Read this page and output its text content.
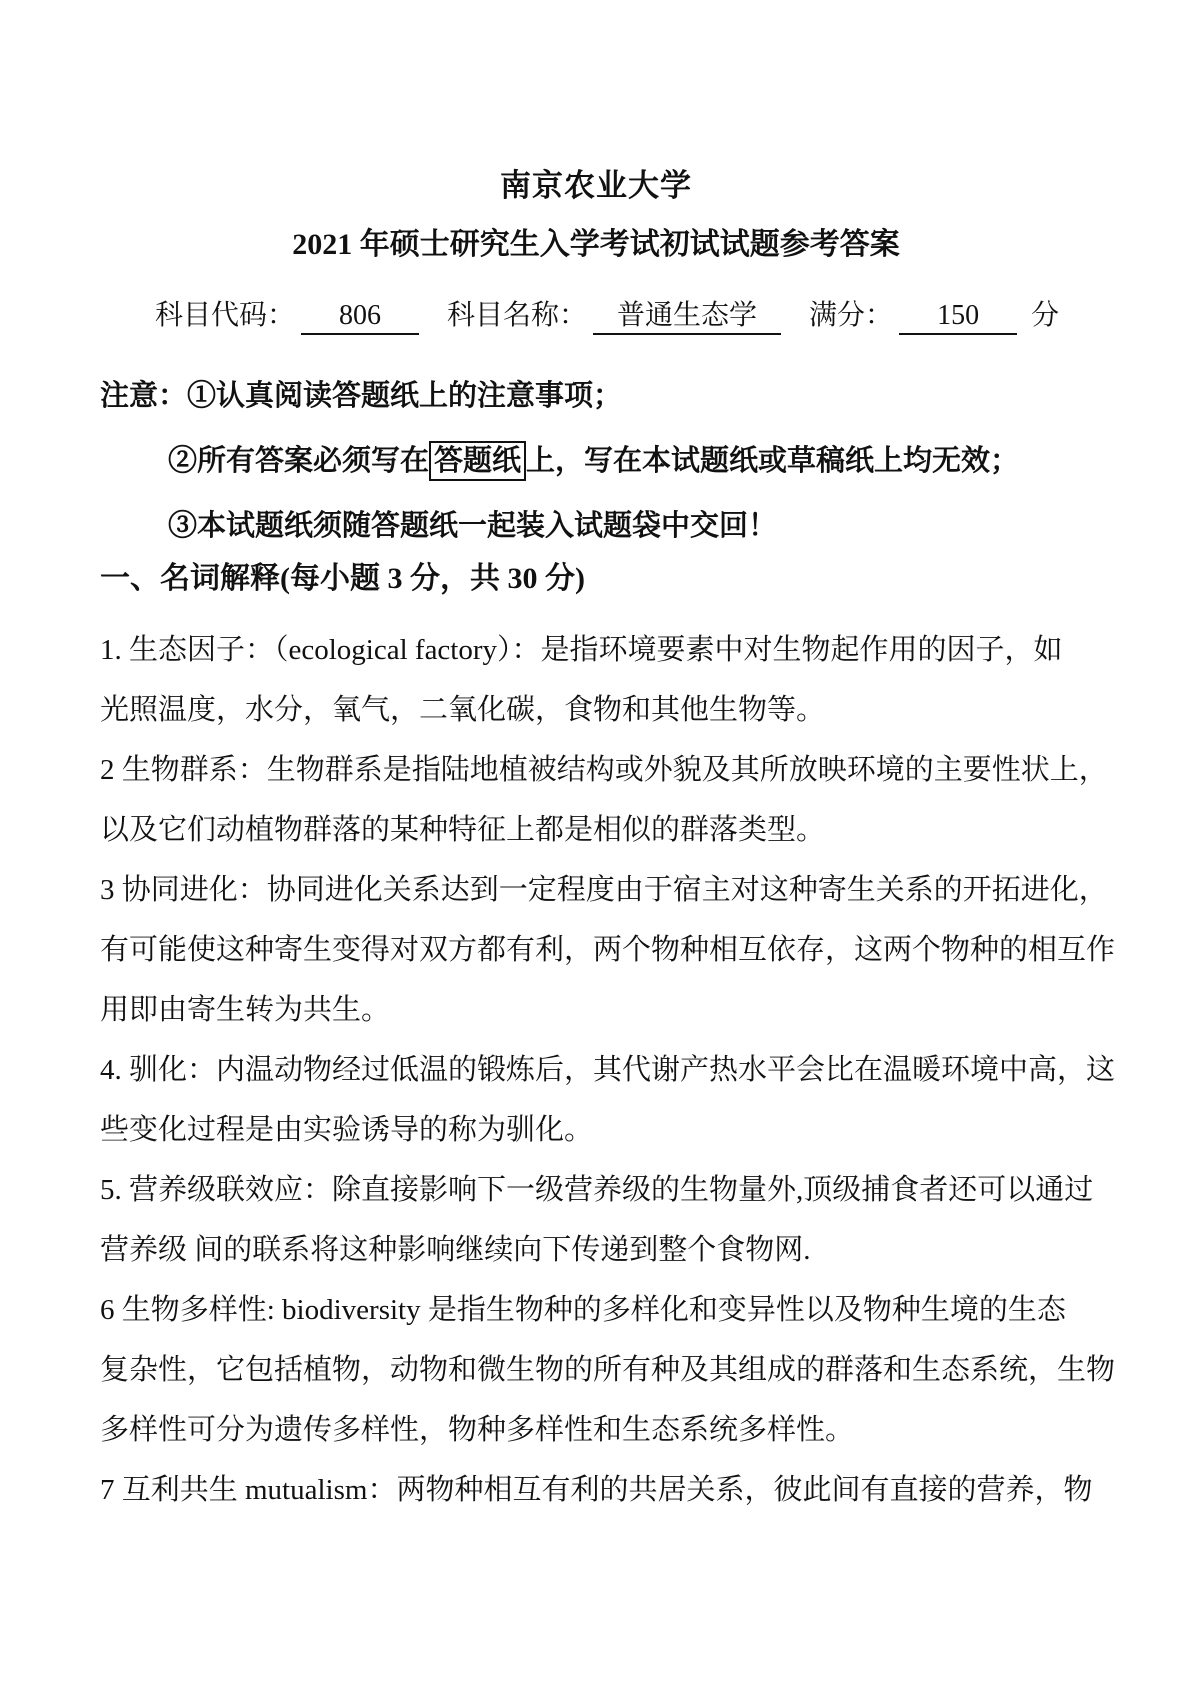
南京农业大学
2021 年硕士研究生入学考试初试试题参考答案
科目代码： 806 科目名称： 普通生态学 满分： 150 分
注意：①认真阅读答题纸上的注意事项；
②所有答案必须写在 答题纸 上，写在本试题纸或草稿纸上均无效；
③本试题纸须随答题纸一起装入试题袋中交回！
一、名词解释(每小题 3 分，共 30 分)
1. 生态因子：（ecological factory）：是指环境要素中对生物起作用的因子，如
光照温度，水分，氧气，二氧化碳，食物和其他生物等。
2 生物群系：生物群系是指陆地植被结构或外貌及其所放映环境的主要性状上，
以及它们动植物群落的某种特征上都是相似的群落类型。
3 协同进化：协同进化关系达到一定程度由于宿主对这种寄生关系的开拓进化，
有可能使这种寄生变得对双方都有利，两个物种相互依存，这两个物种的相互作
用即由寄生转为共生。
4. 驯化：内温动物经过低温的锻炼后，其代谢产热水平会比在温暖环境中高，这
些变化过程是由实验诱导的称为驯化。
5. 营养级联效应：除直接影响下一级营养级的生物量外,顶级捕食者还可以通过
营养级 间的联系将这种影响继续向下传递到整个食物网.
6 生物多样性: biodiversity 是指生物种的多样化和变异性以及物种生境的生态
复杂性，它包括植物，动物和微生物的所有种及其组成的群落和生态系统，生物
多样性可分为遗传多样性，物种多样性和生态系统多样性。
7 互利共生 mutualism：两物种相互有利的共居关系，彼此间有直接的营养，物
